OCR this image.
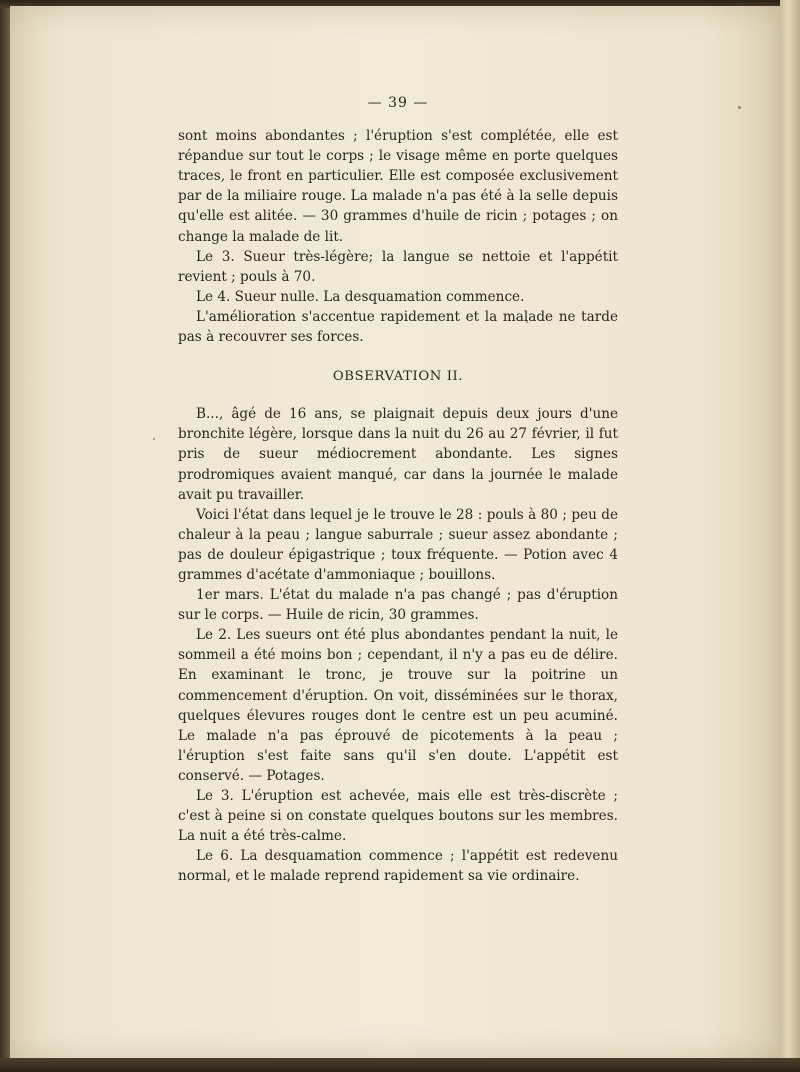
— 39 —

sont moins abondantes ; l'éruption s'est complétée, elle est répandue sur tout le corps ; le visage même en porte quelques traces, le front en particulier. Elle est composée exclusivement par de la miliaire rouge. La malade n'a pas été à la selle depuis qu'elle est alitée. — 30 grammes d'huile de ricin ; potages ; on change la malade de lit.

Le 3. Sueur très-légère; la langue se nettoie et l'appétit revient ; pouls à 70.

Le 4. Sueur nulle. La desquamation commence.

L'amélioration s'accentue rapidement et la malade ne tarde pas à recouvrer ses forces.

OBSERVATION II.

B..., âgé de 16 ans, se plaignait depuis deux jours d'une bronchite légère, lorsque dans la nuit du 26 au 27 février, il fut pris de sueur médiocrement abondante. Les signes prodromiques avaient manqué, car dans la journée le malade avait pu travailler.

Voici l'état dans lequel je le trouve le 28 : pouls à 80 ; peu de chaleur à la peau ; langue saburrale ; sueur assez abondante ; pas de douleur épigastrique ; toux fréquente. — Potion avec 4 grammes d'acétate d'ammoniaque ; bouillons.

1er mars. L'état du malade n'a pas changé ; pas d'éruption sur le corps. — Huile de ricin, 30 grammes.

Le 2. Les sueurs ont été plus abondantes pendant la nuit, le sommeil a été moins bon ; cependant, il n'y a pas eu de délire. En examinant le tronc, je trouve sur la poitrine un commencement d'éruption. On voit, disséminées sur le thorax, quelques élevures rouges dont le centre est un peu acuminé. Le malade n'a pas éprouvé de picotements à la peau ; l'éruption s'est faite sans qu'il s'en doute. L'appétit est conservé. — Potages.

Le 3. L'éruption est achevée, mais elle est très-discrète ; c'est à peine si on constate quelques boutons sur les membres. La nuit a été très-calme.

Le 6. La desquamation commence ; l'appétit est redevenu normal, et le malade reprend rapidement sa vie ordinaire.
